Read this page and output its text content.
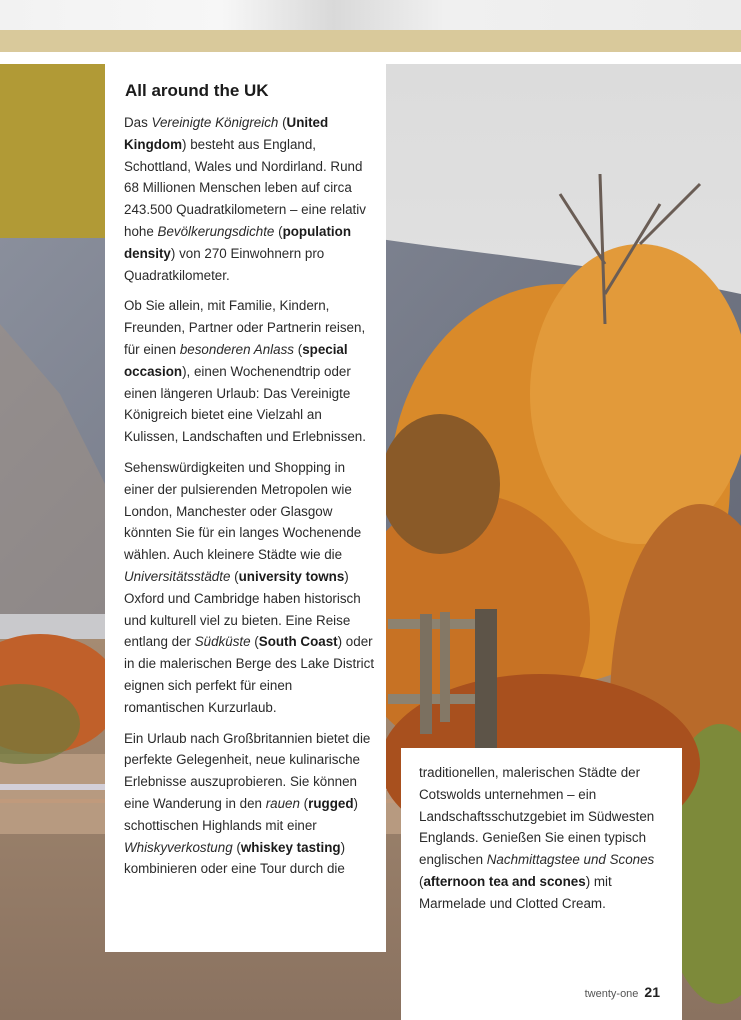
All around the UK

Das Vereinigte Königreich (United Kingdom) besteht aus England, Schottland, Wales und Nordirland. Rund 68 Millionen Menschen leben auf circa 243.500 Quadratkilometern – eine relativ hohe Bevölkerungsdichte (population density) von 270 Einwohnern pro Quadratkilometer.

Ob Sie allein, mit Familie, Kindern, Freunden, Partner oder Partnerin reisen, für einen besonderen Anlass (special occasion), einen Wochenendtrip oder einen längeren Urlaub: Das Vereinigte Königreich bietet eine Vielzahl an Kulissen, Landschaften und Erlebnissen.

Sehenswürdigkeiten und Shopping in einer der pulsierenden Metropolen wie London, Manchester oder Glasgow könnten Sie für ein langes Wochenende wählen. Auch kleinere Städte wie die Universitätsstädte (university towns) Oxford und Cambridge haben historisch und kulturell viel zu bieten. Eine Reise entlang der Südküste (South Coast) oder in die malerischen Berge des Lake District eignen sich perfekt für einen romantischen Kurzurlaub.

Ein Urlaub nach Großbritannien bietet die perfekte Gelegenheit, neue kulinarische Erlebnisse auszuprobieren. Sie können eine Wanderung in den rauen (rugged) schottischen Highlands mit einer Whiskyverkostung (whiskey tasting) kombinieren oder eine Tour durch die

traditionellen, malerischen Städte der Cotswolds unternehmen – ein Landschaftsschutzgebiet im Südwesten Englands. Genießen Sie einen typisch englischen Nachmittagstee und Scones (afternoon tea and scones) mit Marmelade und Clotted Cream.

twenty-one 21
